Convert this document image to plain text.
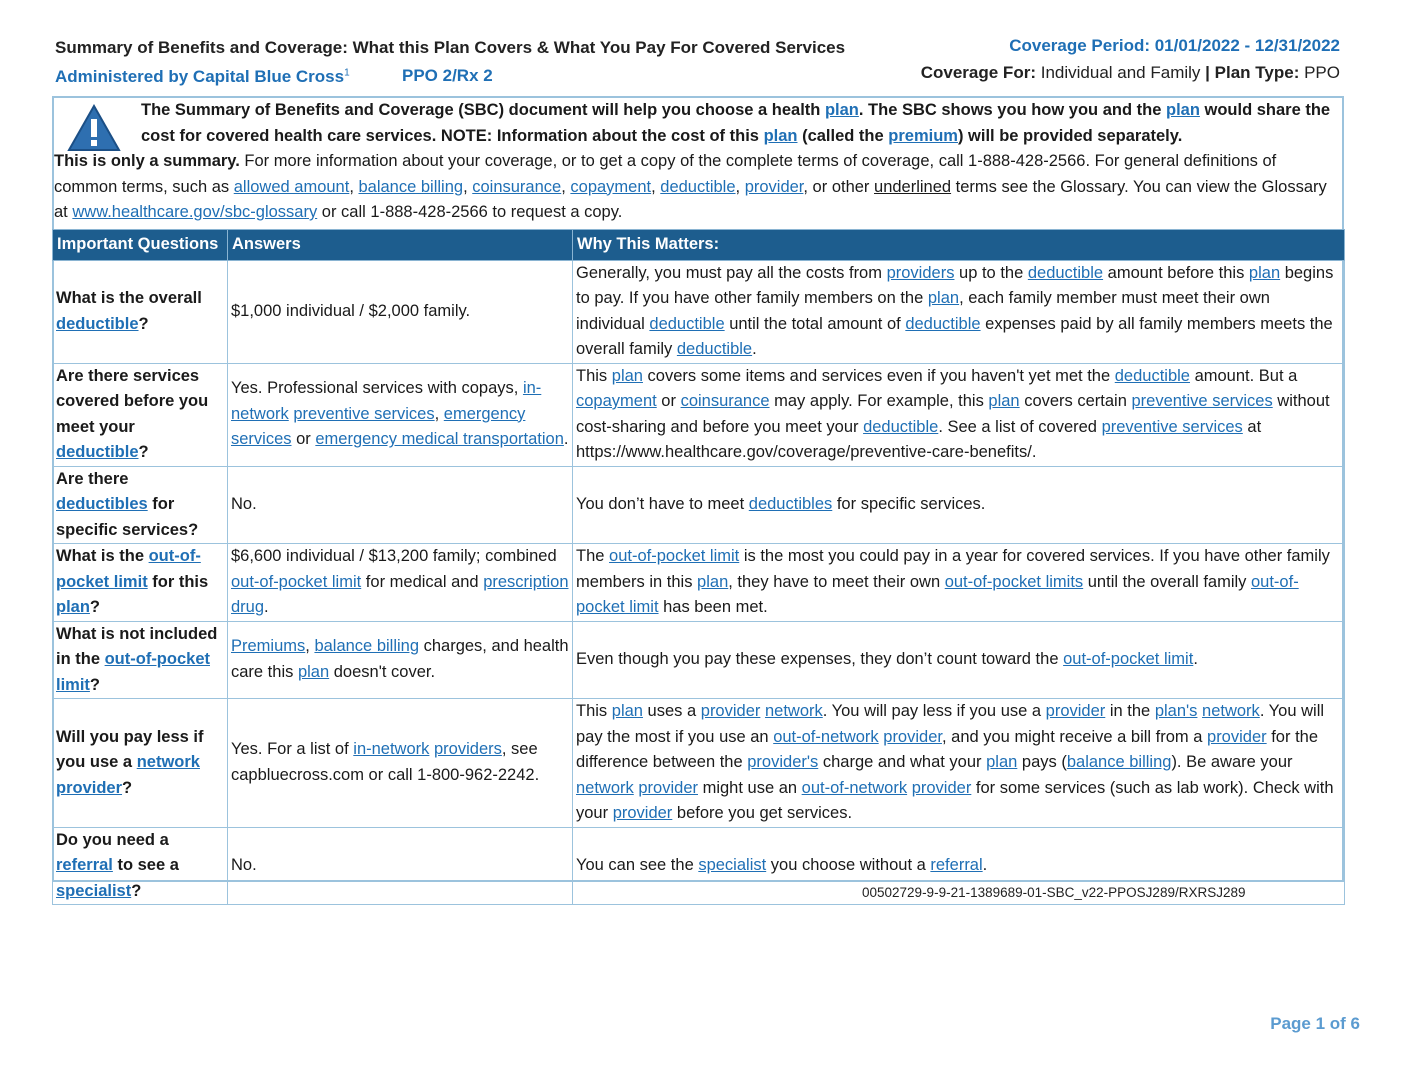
Summary of Benefits and Coverage: What this Plan Covers & What You Pay For Covered Services
Administered by Capital Blue Cross$^1$	PPO 2/Rx 2
Coverage Period: 01/01/2022 - 12/31/2022
Coverage For: Individual and Family | Plan Type: PPO
The Summary of Benefits and Coverage (SBC) document will help you choose a health plan. The SBC shows you how you and the plan would share the cost for covered health care services. NOTE: Information about the cost of this plan (called the premium) will be provided separately.
This is only a summary. For more information about your coverage, or to get a copy of the complete terms of coverage, call 1-888-428-2566. For general definitions of common terms, such as allowed amount, balance billing, coinsurance, copayment, deductible, provider, or other underlined terms see the Glossary. You can view the Glossary at www.healthcare.gov/sbc-glossary or call 1-888-428-2566 to request a copy.
Important Questions	Answers	Why This Matters:
What is the overall deductible?	$1,000 individual / $2,000 family.	Generally, you must pay all the costs from providers up to the deductible amount before this plan begins to pay. If you have other family members on the plan, each family member must meet their own individual deductible until the total amount of deductible expenses paid by all family members meets the overall family deductible.
Are there services covered before you meet your deductible?	Yes. Professional services with copays, in-network preventive services, emergency services or emergency medical transportation.	This plan covers some items and services even if you haven't yet met the deductible amount. But a copayment or coinsurance may apply. For example, this plan covers certain preventive services without cost-sharing and before you meet your deductible. See a list of covered preventive services at https://www.healthcare.gov/coverage/preventive-care-benefits/.
Are there deductibles for specific services?	No.	You don’t have to meet deductibles for specific services.
What is the out-of-pocket limit for this plan?	$6,600 individual / $13,200 family; combined out-of-pocket limit for medical and prescription drug.	The out-of-pocket limit is the most you could pay in a year for covered services. If you have other family members in this plan, they have to meet their own out-of-pocket limits until the overall family out-of-pocket limit has been met.
What is not included in the out-of-pocket limit?	Premiums, balance billing charges, and health care this plan doesn't cover.	Even though you pay these expenses, they don’t count toward the out-of-pocket limit.
Will you pay less if you use a network provider?	Yes. For a list of in-network providers, see capbluecross.com or call 1-800-962-2242.	This plan uses a provider network. You will pay less if you use a provider in the plan's network. You will pay the most if you use an out-of-network provider, and you might receive a bill from a provider for the difference between the provider's charge and what your plan pays (balance billing). Be aware your network provider might use an out-of-network provider for some services (such as lab work). Check with your provider before you get services.
Do you need a referral to see a specialist?	No.	You can see the specialist you choose without a referral.
00502729-9-9-21-1389689-01-SBC_v22-PPOSJ289/RXRSJ289
Page 1 of 6
